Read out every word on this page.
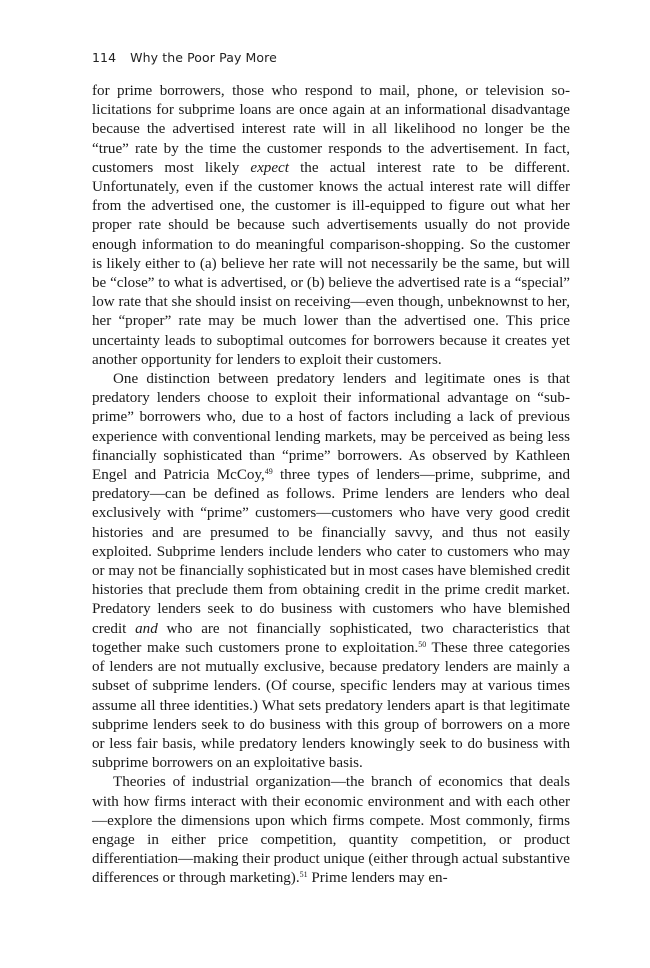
114 Why the Poor Pay More

for prime borrowers, those who respond to mail, phone, or television solicitations for subprime loans are once again at an informational disadvantage because the advertised interest rate will in all likelihood no longer be the “true” rate by the time the customer responds to the advertisement. In fact, customers most likely expect the actual interest rate to be different. Unfortunately, even if the customer knows the actual interest rate will differ from the advertised one, the customer is ill-equipped to figure out what her proper rate should be because such advertisements usually do not provide enough information to do meaningful comparison-shopping. So the customer is likely either to (a) believe her rate will not necessarily be the same, but will be “close” to what is advertised, or (b) believe the advertised rate is a “special” low rate that she should insist on receiving—even though, unbeknownst to her, her “proper” rate may be much lower than the advertised one. This price uncertainty leads to suboptimal outcomes for borrowers because it creates yet another opportunity for lenders to exploit their customers.

One distinction between predatory lenders and legitimate ones is that predatory lenders choose to exploit their informational advantage on “subprime” borrowers who, due to a host of factors including a lack of previous experience with conventional lending markets, may be perceived as being less financially sophisticated than “prime” borrowers. As observed by Kathleen Engel and Patricia McCoy,$^{49}$ three types of lenders—prime, subprime, and predatory—can be defined as follows. Prime lenders are lenders who deal exclusively with “prime” customers—customers who have very good credit histories and are presumed to be financially savvy, and thus not easily exploited. Subprime lenders include lenders who cater to customers who may or may not be financially sophisticated but in most cases have blemished credit histories that preclude them from obtaining credit in the prime credit market. Predatory lenders seek to do business with customers who have blemished credit and who are not financially sophisticated, two characteristics that together make such customers prone to exploitation.$^{50}$ These three categories of lenders are not mutually exclusive, because predatory lenders are mainly a subset of subprime lenders. (Of course, specific lenders may at various times assume all three identities.) What sets predatory lenders apart is that legitimate subprime lenders seek to do business with this group of borrowers on a more or less fair basis, while predatory lenders knowingly seek to do business with subprime borrowers on an exploitative basis.

Theories of industrial organization—the branch of economics that deals with how firms interact with their economic environment and with each other—explore the dimensions upon which firms compete. Most commonly, firms engage in either price competition, quantity competition, or product differentiation—making their product unique (either through actual substantive differences or through marketing).$^{51}$ Prime lenders may en-
